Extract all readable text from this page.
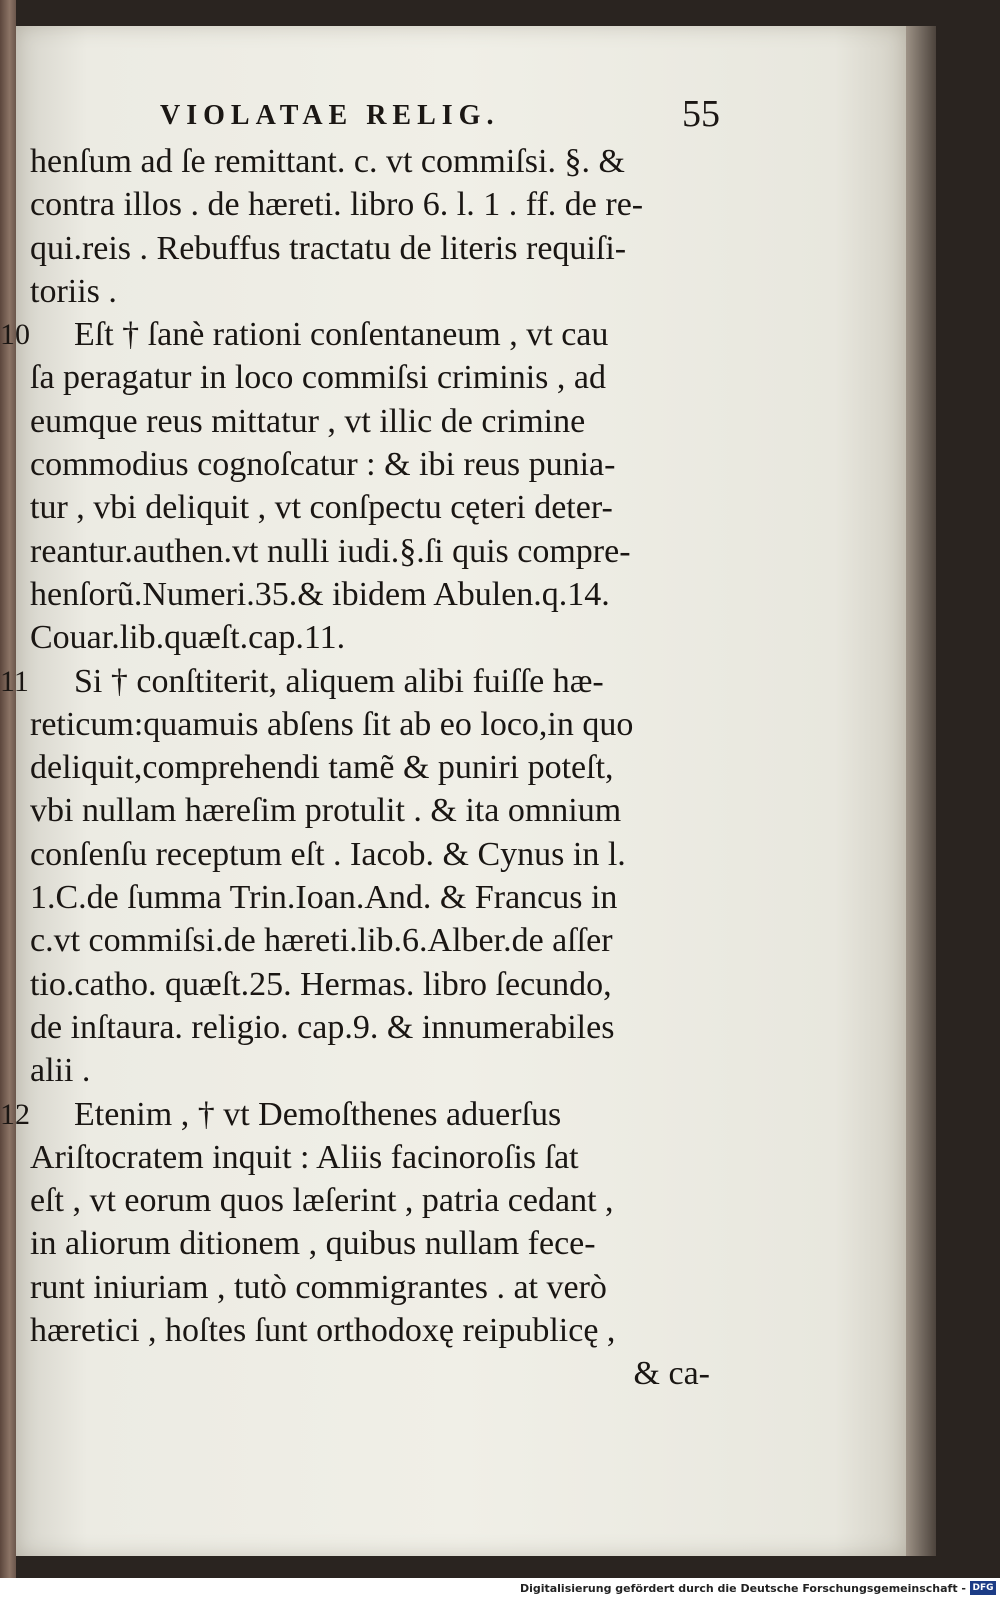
VIOLATAE RELIG.	55
henſum ad ſe remittant. c. vt commiſsi. §. &
contra illos . de hæreti. libro 6. l. 1 . ff. de re-
qui.reis . Rebuffus tractatu de literis requiſi-
toriis .
10 Eſt † ſanè rationi conſentaneum , vt cau
ſa peragatur in loco commiſsi criminis , ad
eumque reus mittatur , vt illic de crimine
commodius cognoſcatur : & ibi reus punia-
tur , vbi deliquit , vt conſpectu cęteri deter-
reantur.authen.vt nulli iudi.§.ſi quis compre-
henſorũ.Numeri.35.& ibidem Abulen.q.14.
Couar.lib.quæſt.cap.11.
11 Si † conſtiterit, aliquem alibi fuiſſe hæ-
reticum:quamuis abſens ſit ab eo loco,in quo
deliquit,comprehendi tamẽ & puniri poteſt,
vbi nullam hæreſim protulit . & ita omnium
conſenſu receptum eſt . Iacob. & Cynus in l.
1.C.de ſumma Trin.Ioan.And. & Francus in
c.vt commiſsi.de hæreti.lib.6.Alber.de aſſer
tio.catho. quæſt.25. Hermas. libro ſecundo,
de inſtaura. religio. cap.9. & innumerabiles
alii .
12 Etenim , † vt Demoſthenes aduerſus
Ariſtocratem inquit : Aliis facinoroſis ſat
eſt , vt eorum quos læſerint , patria cedant ,
in aliorum ditionem , quibus nullam fece-
runt iniuriam , tutò commigrantes . at verò
hæretici , hoſtes ſunt orthodoxę reipublicę ,
& ca-
Digitalisierung gefördert durch die Deutsche Forschungsgemeinschaft - DFG
